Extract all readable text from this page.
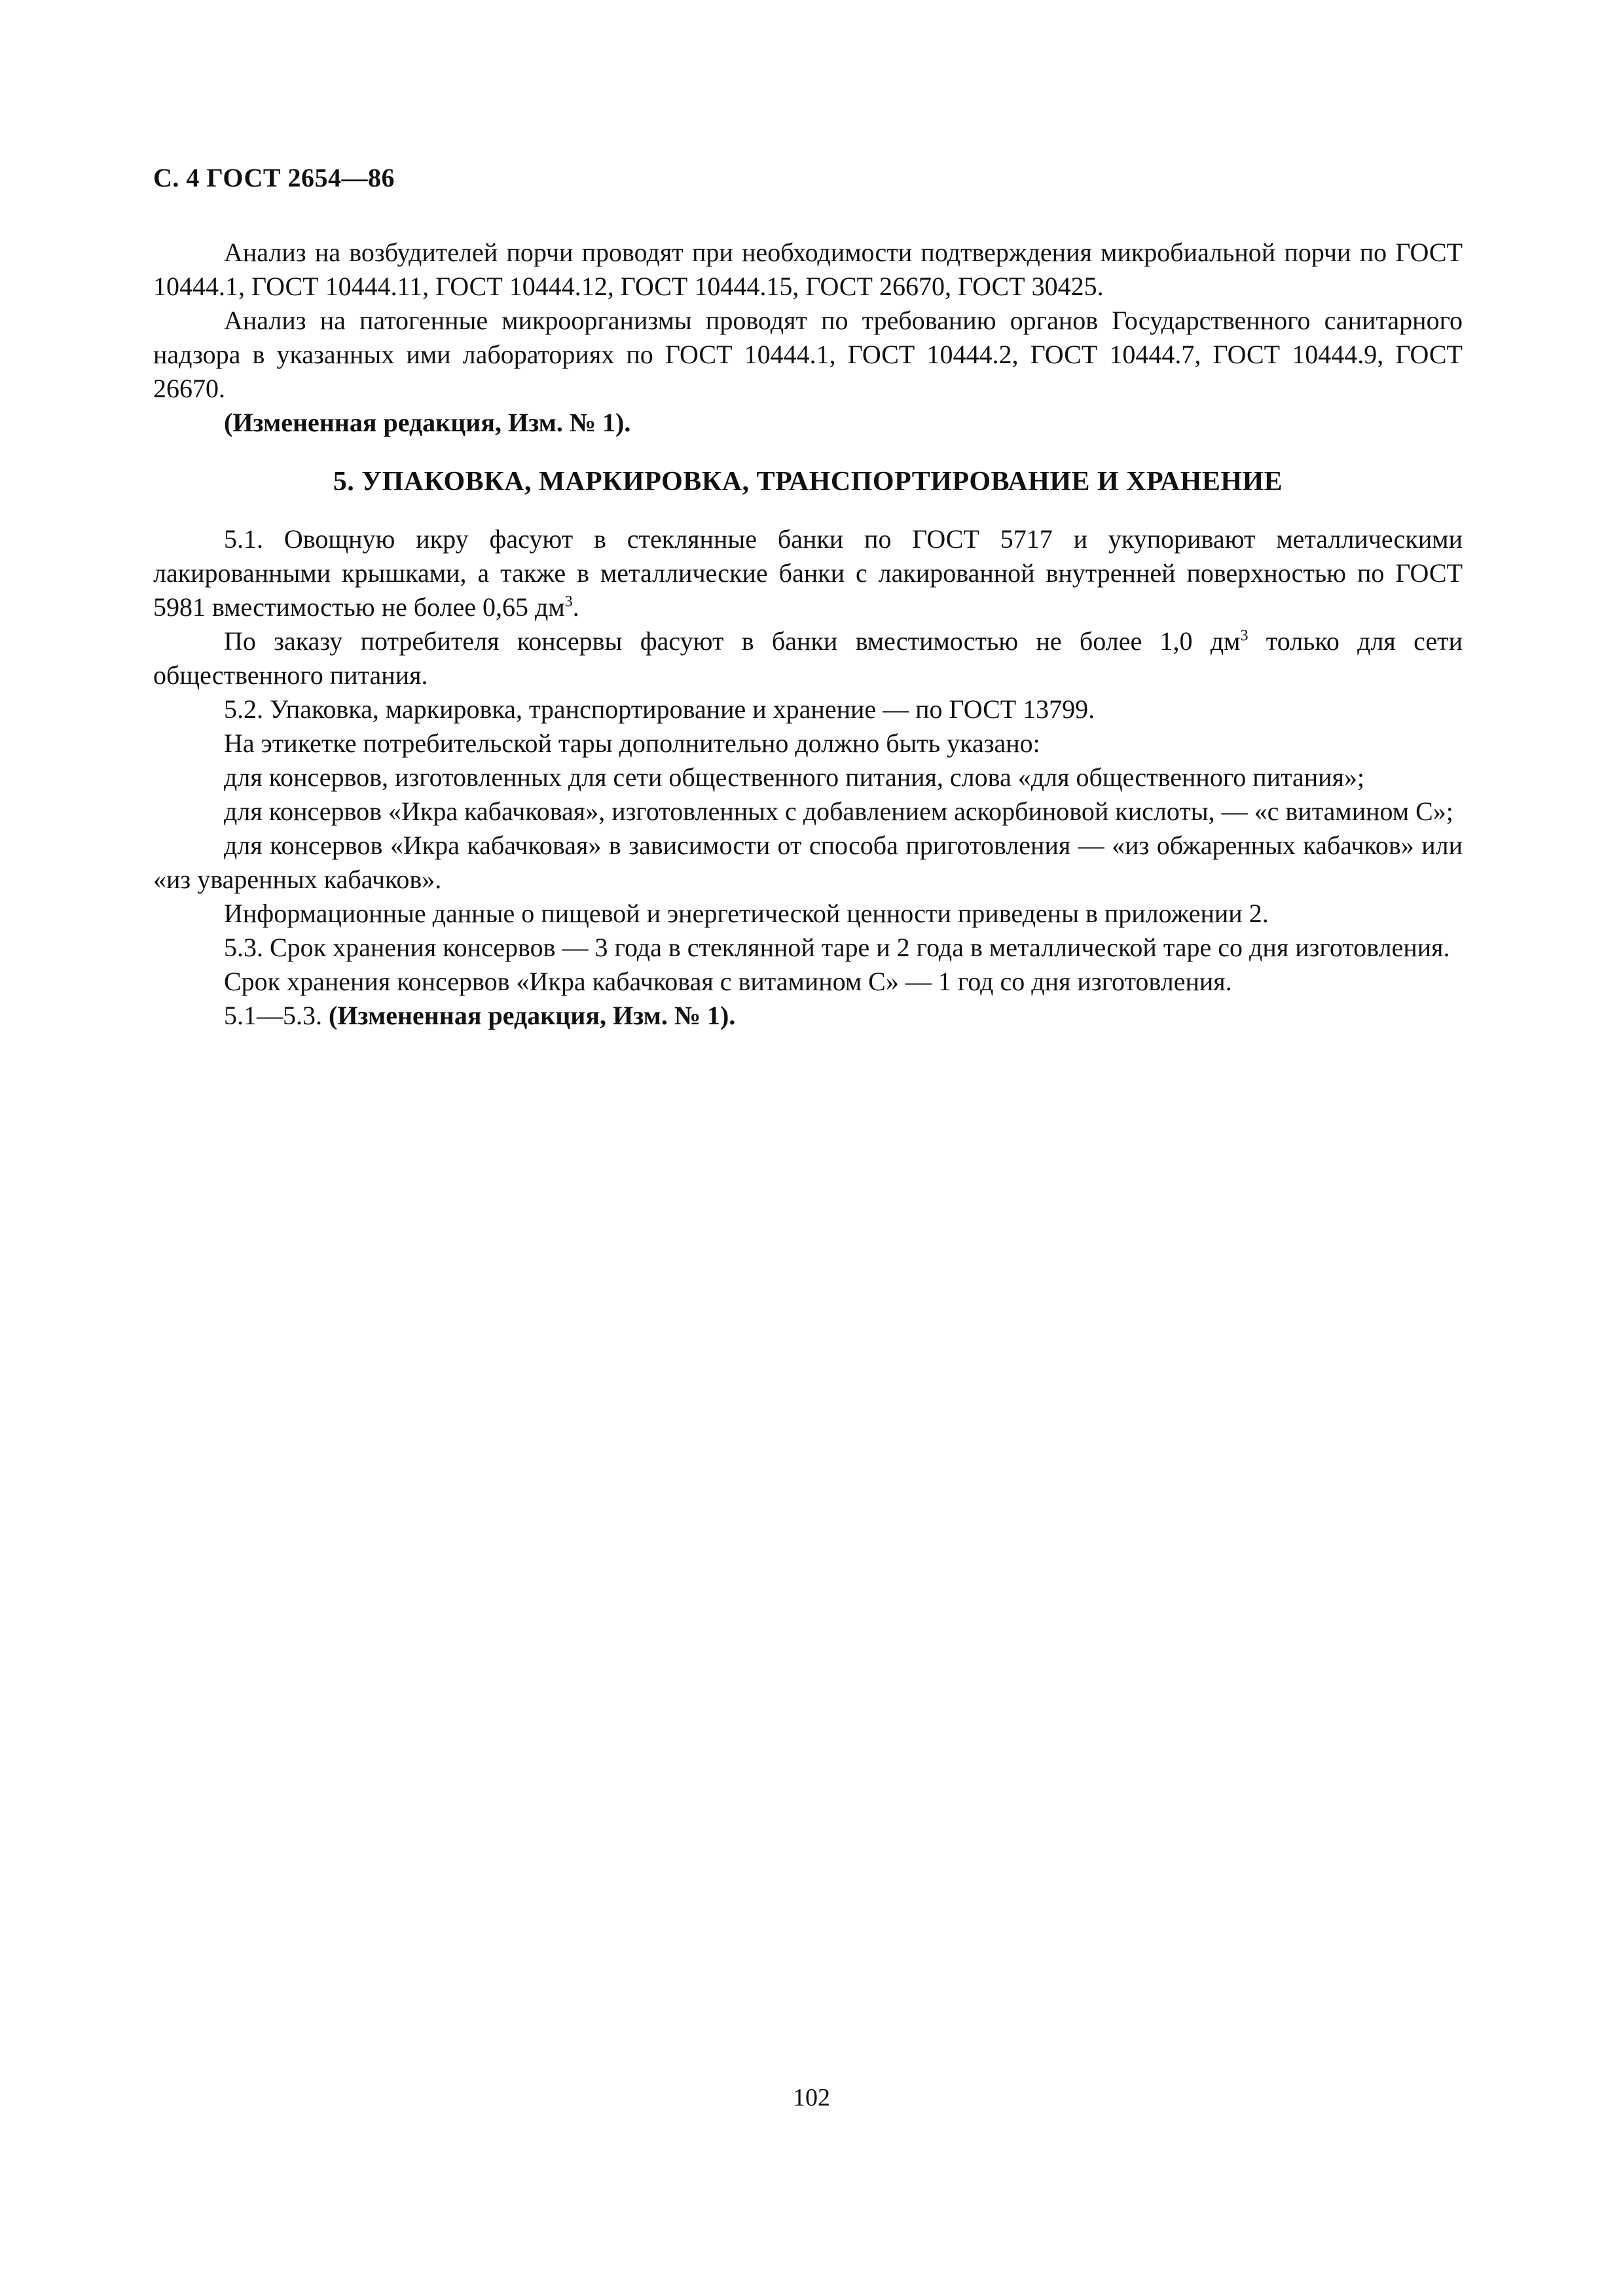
С. 4 ГОСТ 2654—86

Анализ на возбудителей порчи проводят при необходимости подтверждения микробиальной порчи по ГОСТ 10444.1, ГОСТ 10444.11, ГОСТ 10444.12, ГОСТ 10444.15, ГОСТ 26670, ГОСТ 30425.

Анализ на патогенные микроорганизмы проводят по требованию органов Государственного санитарного надзора в указанных ими лабораториях по ГОСТ 10444.1, ГОСТ 10444.2, ГОСТ 10444.7, ГОСТ 10444.9, ГОСТ 26670.

(Измененная редакция, Изм. № 1).

5. УПАКОВКА, МАРКИРОВКА, ТРАНСПОРТИРОВАНИЕ И ХРАНЕНИЕ

5.1. Овощную икру фасуют в стеклянные банки по ГОСТ 5717 и укупоривают металлическими лакированными крышками, а также в металлические банки с лакированной внутренней поверхностью по ГОСТ 5981 вместимостью не более 0,65 $дм^3$.

По заказу потребителя консервы фасуют в банки вместимостью не более 1,0 $дм^3$ только для сети общественного питания.

5.2. Упаковка, маркировка, транспортирование и хранение — по ГОСТ 13799.

На этикетке потребительской тары дополнительно должно быть указано:

для консервов, изготовленных для сети общественного питания, слова «для общественного питания»;

для консервов «Икра кабачковая», изготовленных с добавлением аскорбиновой кислоты, — «с витамином С»;

для консервов «Икра кабачковая» в зависимости от способа приготовления — «из обжаренных кабачков» или «из уваренных кабачков».

Информационные данные о пищевой и энергетической ценности приведены в приложении 2.

5.3. Срок хранения консервов — 3 года в стеклянной таре и 2 года в металлической таре со дня изготовления.

Срок хранения консервов «Икра кабачковая с витамином С» — 1 год со дня изготовления.

5.1—5.3. (Измененная редакция, Изм. № 1).

102
